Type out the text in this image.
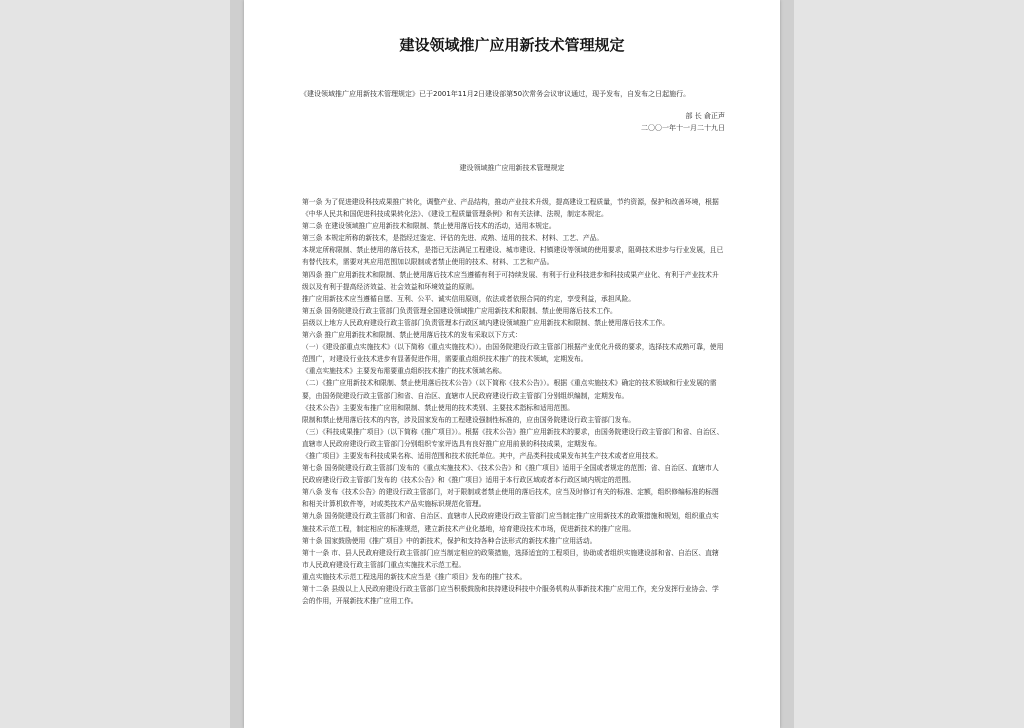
建设领域推广应用新技术管理规定
《建设领域推广应用新技术管理规定》已于2001年11月2日建设部第50次常务会议审议通过，现予发布，自发布之日起施行。
部 长 俞正声
二〇〇一年十一月二十九日
建设领域推广应用新技术管理规定

第一条 为了促进建设科技成果推广转化，调整产业、产品结构，推动产业技术升级，提高建设工程质量，节约资源，保护和改善环境，根据《中华人民共和国促进科技成果转化法》、《建设工程质量管理条例》和有关法律、法规，制定本规定。

第二条 在建设领域推广应用新技术和限制、禁止使用落后技术的活动，适用本规定。

第三条 本规定所称的新技术，是指经过鉴定、评估的先进、成熟、适用的技术、材料、工艺、产品。

本规定所称限制、禁止使用的落后技术，是指已无法满足工程建设、城市建设、村镇建设等领域的使用要求，阻碍技术进步与行业发展，且已有替代技术，需要对其应用范围加以限制或者禁止使用的技术、材料、工艺和产品。

第四条 推广应用新技术和限制、禁止使用落后技术应当遵循有利于可持续发展、有利于行业科技进步和科技成果产业化、有利于产业技术升级以及有利于提高经济效益、社会效益和环境效益的原则。

推广应用新技术应当遵循自愿、互利、公平、诚实信用原则，依法或者依照合同的约定，享受利益，承担风险。

第五条 国务院建设行政主管部门负责管理全国建设领域推广应用新技术和限制、禁止使用落后技术工作。

县级以上地方人民政府建设行政主管部门负责管理本行政区域内建设领域推广应用新技术和限制、禁止使用落后技术工作。

第六条 推广应用新技术和限制、禁止使用落后技术的发布采取以下方式：

（一）《建设部重点实施技术》（以下简称《重点实施技术》）。由国务院建设行政主管部门根据产业优化升级的要求，选择技术成熟可靠，使用范围广，对建设行业技术进步有显著促进作用，需要重点组织技术推广的技术领域，定期发布。

《重点实施技术》主要发布需要重点组织技术推广的技术领域名称。

（二）《推广应用新技术和限制、禁止使用落后技术公告》（以下简称《技术公告》）。根据《重点实施技术》确定的技术领域和行业发展的需要，由国务院建设行政主管部门和省、自治区、直辖市人民政府建设行政主管部门分别组织编制，定期发布。

《技术公告》主要发布推广应用和限制、禁止使用的技术类别、主要技术指标和适用范围。

限制和禁止使用落后技术的内容，涉及国家发布的工程建设强制性标准的，应由国务院建设行政主管部门发布。

（三）《科技成果推广项目》（以下简称《推广项目》）。根据《技术公告》推广应用新技术的要求，由国务院建设行政主管部门和省、自治区、直辖市人民政府建设行政主管部门分别组织专家评选具有良好推广应用前景的科技成果，定期发布。

《推广项目》主要发布科技成果名称、适用范围和技术依托单位。其中，产品类科技成果发布其生产技术或者应用技术。

第七条 国务院建设行政主管部门发布的《重点实施技术》、《技术公告》和《推广项目》适用于全国或者规定的范围；省、自治区、直辖市人民政府建设行政主管部门发布的《技术公告》和《推广项目》适用于本行政区域或者本行政区域内规定的范围。

第八条 发布《技术公告》的建设行政主管部门，对于限制或者禁止使用的落后技术，应当及时修订有关的标准、定额，组织修编标准的标图和相关计算机软件等，对或类技术产品实施标识规范化管理。

第九条 国务院建设行政主管部门和省、自治区、直辖市人民政府建设行政主管部门应当制定推广应用新技术的政策措施和规划，组织重点实施技术示范工程，制定相应的标准规范，建立新技术产业化基地，培育建设技术市场，促进新技术的推广应用。

第十条 国家鼓励使用《推广项目》中的新技术，保护和支持各种合法形式的新技术推广应用活动。

第十一条 市、县人民政府建设行政主管部门应当制定相应的政策措施，选择适宜的工程项目，协助或者组织实施建设部和省、自治区、直辖市人民政府建设行政主管部门重点实施技术示范工程。

重点实施技术示范工程选用的新技术应当是《推广项目》发布的推广技术。

第十二条 县级以上人民政府建设行政主管部门应当积极鼓励和扶持建设科技中介服务机构从事新技术推广应用工作，充分发挥行业协会、学会的作用，开展新技术推广应用工作。
